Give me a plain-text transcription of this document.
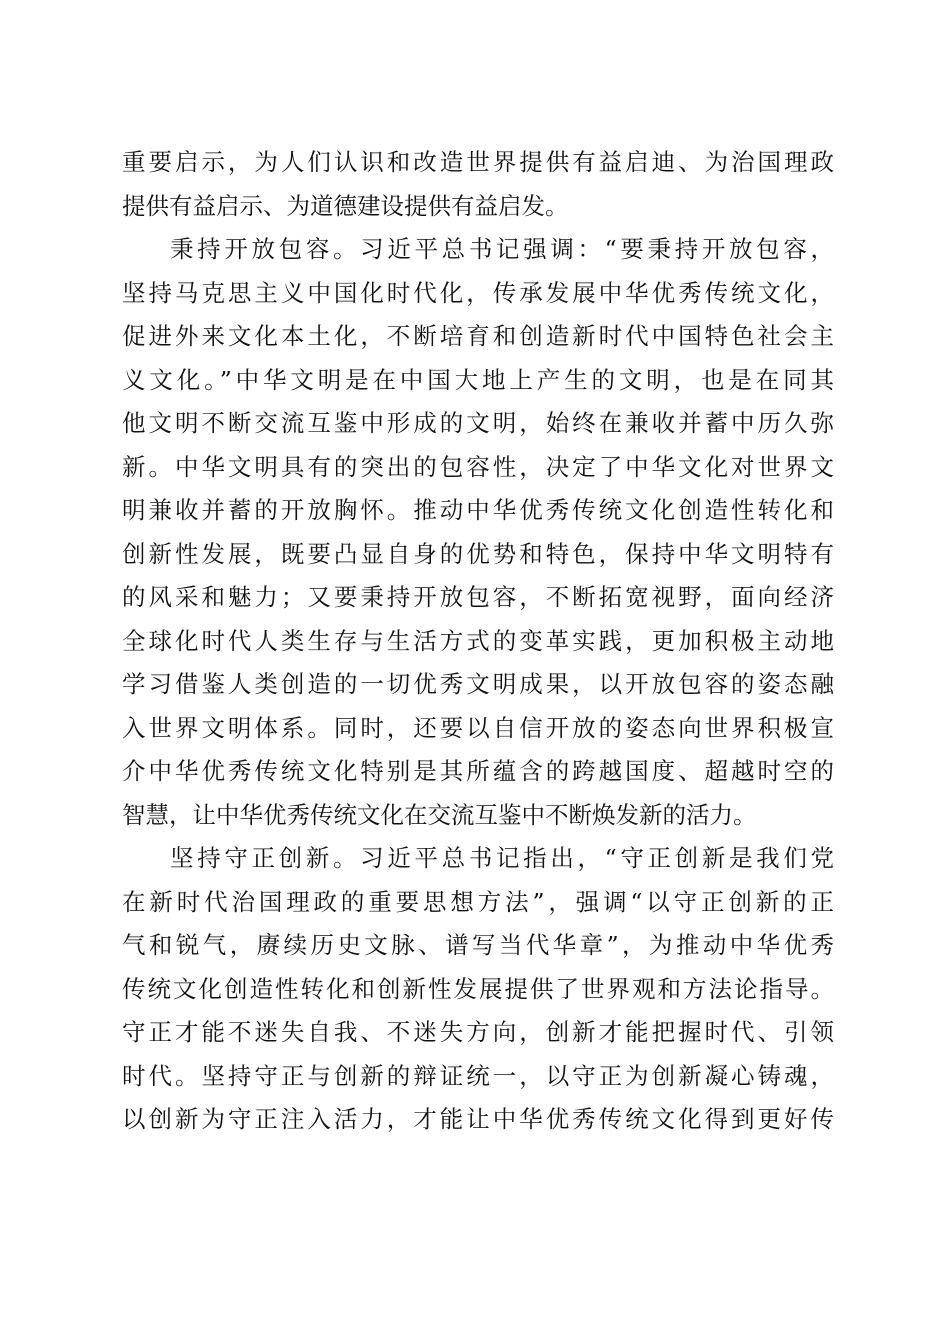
重要启示，为人们认识和改造世界提供有益启迪、为治国理政
提供有益启示、为道德建设提供有益启发。
秉持开放包容。习近平总书记强调：“要秉持开放包容，
坚持马克思主义中国化时代化，传承发展中华优秀传统文化，
促进外来文化本土化，不断培育和创造新时代中国特色社会主
义文化。”中华文明是在中国大地上产生的文明，也是在同其
他文明不断交流互鉴中形成的文明，始终在兼收并蓄中历久弥
新。中华文明具有的突出的包容性，决定了中华文化对世界文
明兼收并蓄的开放胸怀。推动中华优秀传统文化创造性转化和
创新性发展，既要凸显自身的优势和特色，保持中华文明特有
的风采和魅力；又要秉持开放包容，不断拓宽视野，面向经济
全球化时代人类生存与生活方式的变革实践，更加积极主动地
学习借鉴人类创造的一切优秀文明成果，以开放包容的姿态融
入世界文明体系。同时，还要以自信开放的姿态向世界积极宣
介中华优秀传统文化特别是其所蕴含的跨越国度、超越时空的
智慧，让中华优秀传统文化在交流互鉴中不断焕发新的活力。
坚持守正创新。习近平总书记指出，“守正创新是我们党
在新时代治国理政的重要思想方法”，强调“以守正创新的正
气和锐气，赓续历史文脉、谱写当代华章”，为推动中华优秀
传统文化创造性转化和创新性发展提供了世界观和方法论指导。
守正才能不迷失自我、不迷失方向，创新才能把握时代、引领
时代。坚持守正与创新的辩证统一，以守正为创新凝心铸魂，
以创新为守正注入活力，才能让中华优秀传统文化得到更好传
